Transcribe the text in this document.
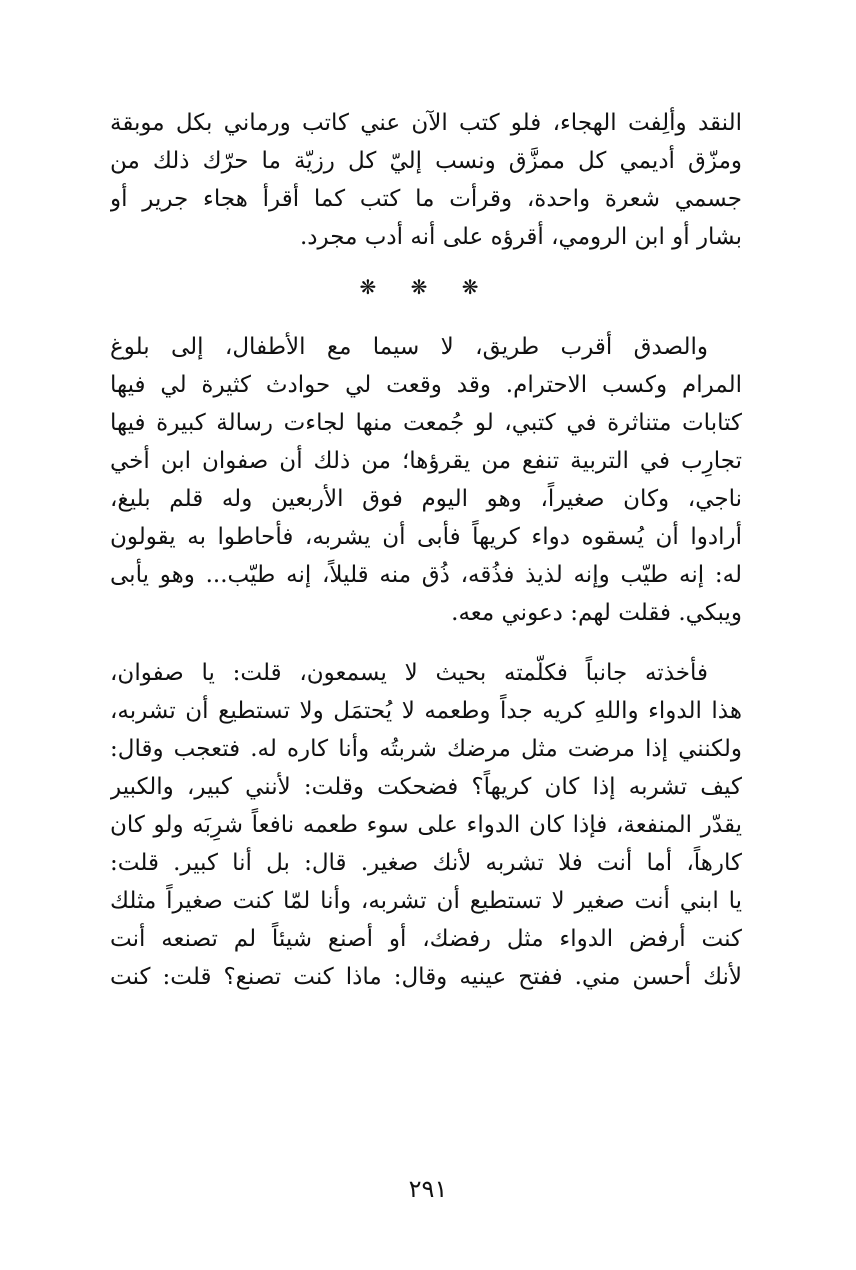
النقد وألِفت الهجاء، فلو كتب الآن عني كاتب ورماني بكل موبقة
ومزّق أديمي كل ممزَّق ونسب إليّ كل رزيّة ما حرّك ذلك من
جسمي شعرة واحدة، وقرأت ما كتب كما أقرأ هجاء جرير أو
بشار أو ابن الرومي، أقرؤه على أنه أدب مجرد.
❋ ❋ ❋
والصدق أقرب طريق، لا سيما مع الأطفال، إلى بلوغ
المرام وكسب الاحترام. وقد وقعت لي حوادث كثيرة لي فيها
كتابات متناثرة في كتبي، لو جُمعت منها لجاءت رسالة كبيرة فيها
تجارِب في التربية تنفع من يقرؤها؛ من ذلك أن صفوان ابن أخي
ناجي، وكان صغيراً، وهو اليوم فوق الأربعين وله قلم بليغ،
أرادوا أن يُسقوه دواء كريهاً فأبى أن يشربه، فأحاطوا به يقولون
له: إنه طيّب وإنه لذيذ فذُقه، ذُق منه قليلاً، إنه طيّب... وهو يأبى
ويبكي. فقلت لهم: دعوني معه.
فأخذته جانباً فكلّمته بحيث لا يسمعون، قلت: يا صفوان،
هذا الدواء واللهِ كريه جداً وطعمه لا يُحتمَل ولا تستطيع أن تشربه،
ولكنني إذا مرضت مثل مرضك شربتُه وأنا كاره له. فتعجب وقال:
كيف تشربه إذا كان كريهاً؟ فضحكت وقلت: لأنني كبير، والكبير
يقدّر المنفعة، فإذا كان الدواء على سوء طعمه نافعاً شرِبَه ولو كان
كارهاً، أما أنت فلا تشربه لأنك صغير. قال: بل أنا كبير. قلت:
يا ابني أنت صغير لا تستطيع أن تشربه، وأنا لمّا كنت صغيراً مثلك
كنت أرفض الدواء مثل رفضك، أو أصنع شيئاً لم تصنعه أنت
لأنك أحسن مني. ففتح عينيه وقال: ماذا كنت تصنع؟ قلت: كنت
٢٩١
